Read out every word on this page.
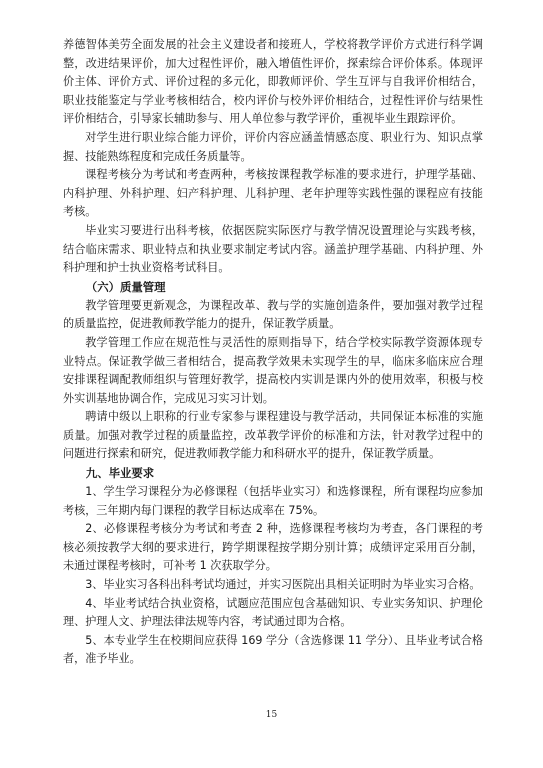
养德智体美劳全面发展的社会主义建设者和接班人，学校将教学评价方式进行科学调整，改进结果评价，加大过程性评价，融入增值性评价，探索综合评价体系。体现评价主体、评价方式、评价过程的多元化，即教师评价、学生互评与自我评价相结合，职业技能鉴定与学业考核相结合，校内评价与校外评价相结合，过程性评价与结果性评价相结合，引导家长辅助参与、用人单位参与教学评价，重视毕业生跟踪评价。

对学生进行职业综合能力评价，评价内容应涵盖情感态度、职业行为、知识点掌握、技能熟练程度和完成任务质量等。

课程考核分为考试和考查两种，考核按课程教学标准的要求进行，护理学基础、内科护理、外科护理、妇产科护理、儿科护理、老年护理等实践性强的课程应有技能考核。

毕业实习要进行出科考核，依据医院实际医疗与教学情况设置理论与实践考核，结合临床需求、职业特点和执业要求制定考试内容。涵盖护理学基础、内科护理、外科护理和护士执业资格考试科目。

（六）质量管理

教学管理要更新观念，为课程改革、教与学的实施创造条件，要加强对教学过程的质量监控，促进教师教学能力的提升，保证教学质量。

教学管理工作应在规范性与灵活性的原则指导下，结合学校实际教学资源体现专业特点。保证教学做三者相结合，提高教学效果未实现学生的早，临床多临床应合理安排课程调配教师组织与管理好教学，提高校内实训是课内外的使用效率，积极与校外实训基地协调合作，完成见习实习计划。

聘请中级以上职称的行业专家参与课程建设与教学活动，共同保证本标准的实施质量。加强对教学过程的质量监控，改革教学评价的标准和方法，针对教学过程中的问题进行探索和研究，促进教师教学能力和科研水平的提升，保证教学质量。

九、毕业要求

1、学生学习课程分为必修课程（包括毕业实习）和选修课程，所有课程均应参加考核，三年期内每门课程的教学目标达成率在 75%。

2、必修课程考核分为考试和考查 2 种，选修课程考核均为考查，各门课程的考核必须按教学大纲的要求进行，跨学期课程按学期分别计算；成绩评定采用百分制，未通过课程考核时，可补考 1 次获取学分。

3、毕业实习各科出科考试均通过，并实习医院出具相关证明时为毕业实习合格。

4、毕业考试结合执业资格，试题应范围应包含基础知识、专业实务知识、护理伦理、护理人文、护理法律法规等内容，考试通过即为合格。

5、本专业学生在校期间应获得 169 学分（含选修课 11 学分）、且毕业考试合格者，准予毕业。

15
